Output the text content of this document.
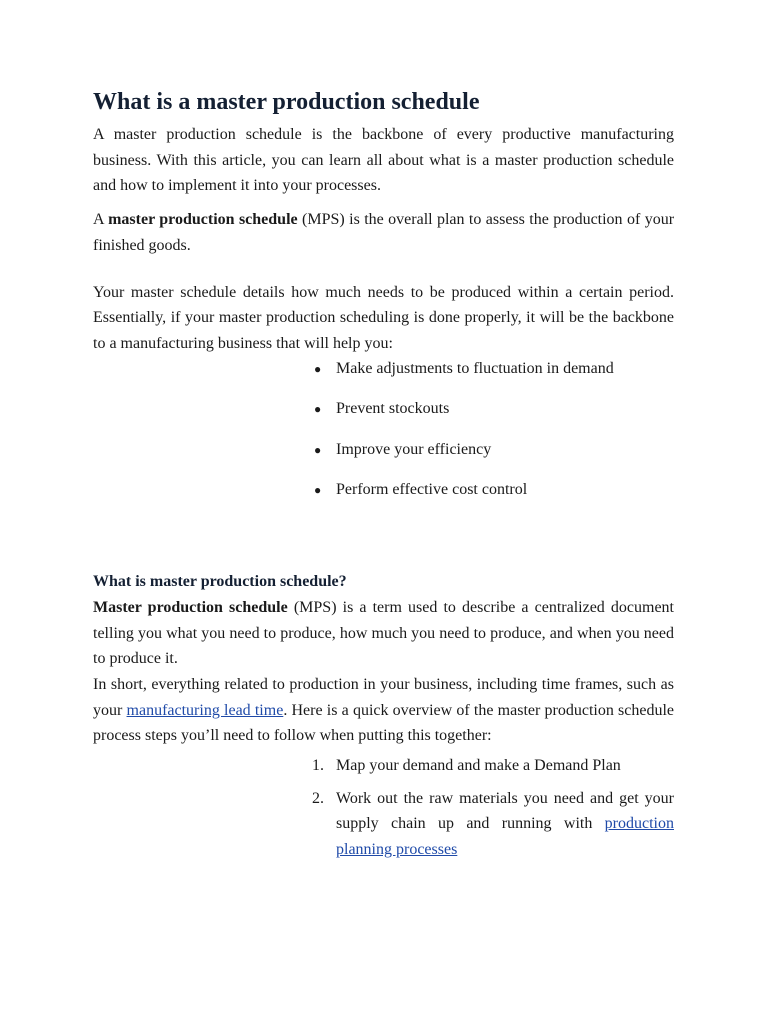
What is a master production schedule

A master production schedule is the backbone of every productive manufacturing business. With this article, you can learn all about what is a master production schedule and how to implement it into your processes.

A master production schedule (MPS) is the overall plan to assess the production of your finished goods.

Your master schedule details how much needs to be produced within a certain period. Essentially, if your master production scheduling is done properly, it will be the backbone to a manufacturing business that will help you:

● Make adjustments to fluctuation in demand
● Prevent stockouts
● Improve your efficiency
● Perform effective cost control
What is master production schedule?

Master production schedule (MPS) is a term used to describe a centralized document telling you what you need to produce, how much you need to produce, and when you need to produce it.

In short, everything related to production in your business, including time frames, such as your manufacturing lead time. Here is a quick overview of the master production schedule process steps you’ll need to follow when putting this together:

1. Map your demand and make a Demand Plan
2. Work out the raw materials you need and get your supply chain up and running with production planning processes
